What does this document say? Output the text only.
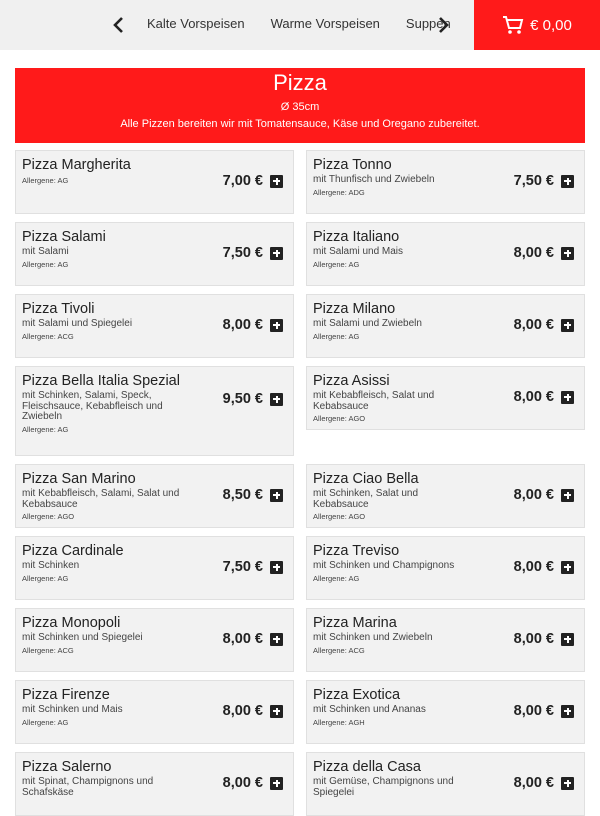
Kalte Vorspeisen Warme Vorspeisen Suppen	€ 0,00
Pizza
Ø 35cm
Alle Pizzen bereiten wir mit Tomatensauce, Käse und Oregano zubereitet.
Pizza Margherita
Allergene: AG	7,00 €
Pizza Tonno
mit Thunfisch und Zwiebeln
Allergene: ADG
7,50 €
Pizza Salami
mit Salami
Allergene: AG
7,50 €
Pizza Italiano
mit Salami und Mais
Allergene: AG
8,00 €
Pizza Tivoli
mit Salami und Spiegelei
Allergene: ACG
8,00 €
Pizza Milano
mit Salami und Zwiebeln
Allergene: AG
8,00 €
Pizza Bella Italia Spezial
mit Schinken, Salami, Speck, Fleischsauce, Kebabfleisch und Zwiebeln
Allergene: AG
9,50 €
Pizza Asissi
mit Kebabfleisch, Salat und Kebabsauce
Allergene: AGO
8,00 €
Pizza San Marino
mit Kebabfleisch, Salami, Salat und Kebabsauce
Allergene: AGO
8,50 €
Pizza Ciao Bella
mit Schinken, Salat und Kebabsauce
Allergene: AGO
8,00 €
Pizza Cardinale
mit Schinken
Allergene: AG
7,50 €
Pizza Treviso
mit Schinken und Champignons
Allergene: AG
8,00 €
Pizza Monopoli
mit Schinken und Spiegelei
Allergene: ACG
8,00 €
Pizza Marina
mit Schinken und Zwiebeln
Allergene: ACG
8,00 €
Pizza Firenze
mit Schinken und Mais
Allergene: AG
8,00 €
Pizza Exotica
mit Schinken und Ananas
Allergene: AGH
8,00 €
Pizza Salerno
mit Spinat, Champignons und Schafskäse
8,00 €
Pizza della Casa
mit Gemüse, Champignons und Spiegelei
8,00 €
